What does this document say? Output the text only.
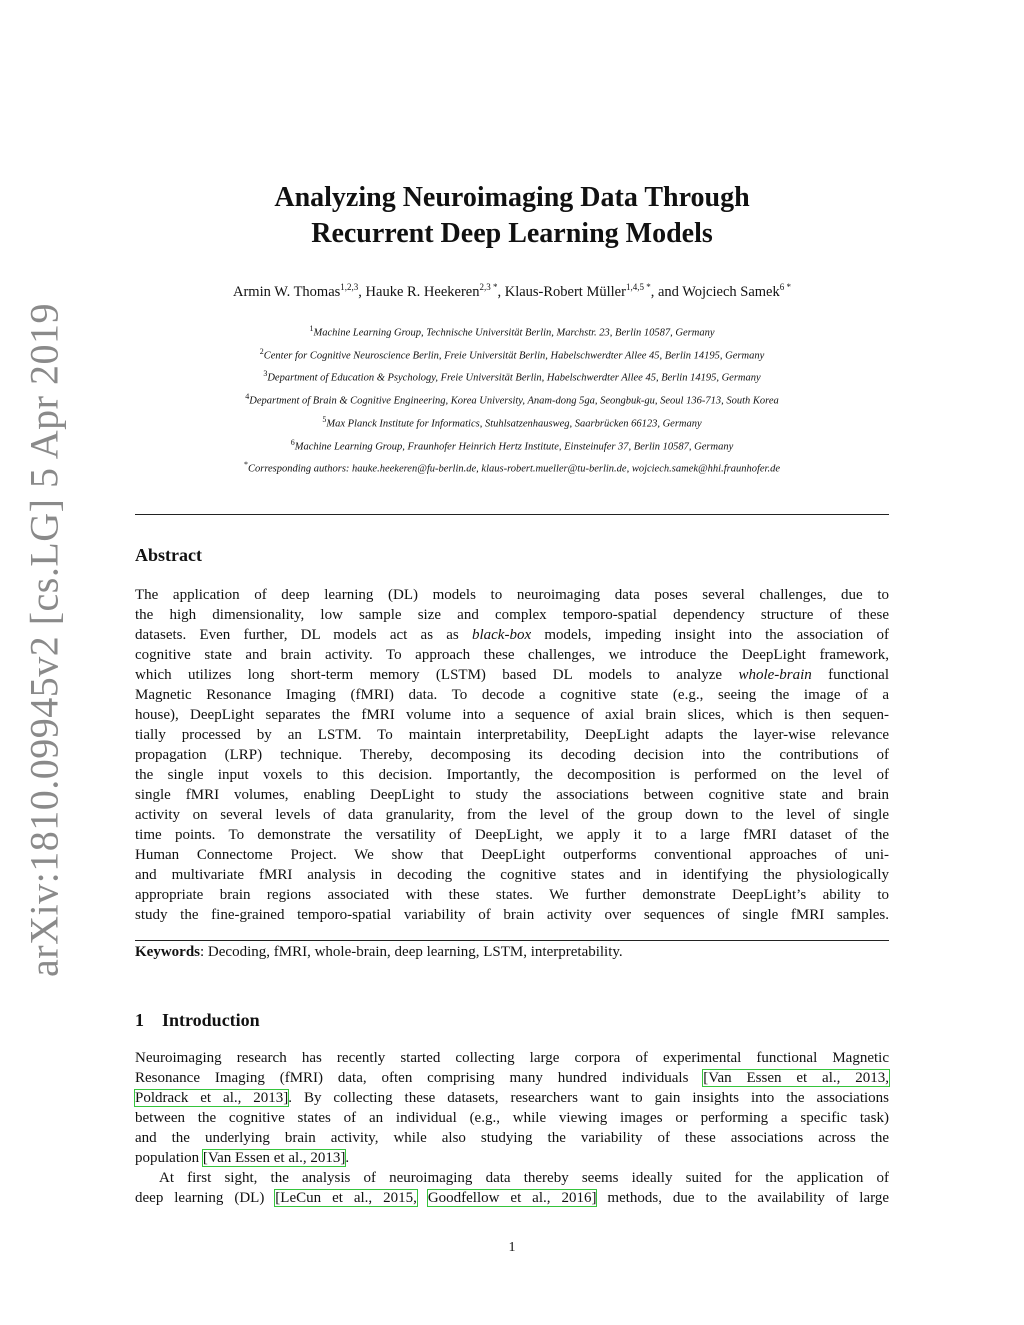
arXiv:1810.09945v2 [cs.LG] 5 Apr 2019
Analyzing Neuroimaging Data Through
Recurrent Deep Learning Models
Armin W. Thomas$^{1,2,3}$, Hauke R. Heekeren$^{2,3 *}$, Klaus-Robert Müller$^{1,4,5 *}$, and Wojciech Samek$^{6 *}$
$^1$Machine Learning Group, Technische Universität Berlin, Marchstr. 23, Berlin 10587, Germany
$^2$Center for Cognitive Neuroscience Berlin, Freie Universität Berlin, Habelschwerdter Allee 45, Berlin 14195, Germany
$^3$Department of Education & Psychology, Freie Universität Berlin, Habelschwerdter Allee 45, Berlin 14195, Germany
$^4$Department of Brain & Cognitive Engineering, Korea University, Anam-dong 5ga, Seongbuk-gu, Seoul 136-713, South Korea
$^5$Max Planck Institute for Informatics, Stuhlsatzenhausweg, Saarbrücken 66123, Germany
$^6$Machine Learning Group, Fraunhofer Heinrich Hertz Institute, Einsteinufer 37, Berlin 10587, Germany
*Corresponding authors: hauke.heekeren@fu-berlin.de, klaus-robert.mueller@tu-berlin.de, wojciech.samek@hhi.fraunhofer.de
Abstract
The application of deep learning (DL) models to neuroimaging data poses several challenges, due to
the high dimensionality, low sample size and complex temporo-spatial dependency structure of these
datasets. Even further, DL models act as as black-box models, impeding insight into the association of
cognitive state and brain activity. To approach these challenges, we introduce the DeepLight framework,
which utilizes long short-term memory (LSTM) based DL models to analyze whole-brain functional
Magnetic Resonance Imaging (fMRI) data. To decode a cognitive state (e.g., seeing the image of a
house), DeepLight separates the fMRI volume into a sequence of axial brain slices, which is then sequen-
tially processed by an LSTM. To maintain interpretability, DeepLight adapts the layer-wise relevance
propagation (LRP) technique. Thereby, decomposing its decoding decision into the contributions of
the single input voxels to this decision. Importantly, the decomposition is performed on the level of
single fMRI volumes, enabling DeepLight to study the associations between cognitive state and brain
activity on several levels of data granularity, from the level of the group down to the level of single
time points. To demonstrate the versatility of DeepLight, we apply it to a large fMRI dataset of the
Human Connectome Project. We show that DeepLight outperforms conventional approaches of uni-
and multivariate fMRI analysis in decoding the cognitive states and in identifying the physiologically
appropriate brain regions associated with these states. We further demonstrate DeepLight’s ability to
study the fine-grained temporo-spatial variability of brain activity over sequences of single fMRI samples.
Keywords: Decoding, fMRI, whole-brain, deep learning, LSTM, interpretability.
1 Introduction
Neuroimaging research has recently started collecting large corpora of experimental functional Magnetic
Resonance Imaging (fMRI) data, often comprising many hundred individuals [Van Essen et al., 2013,
Poldrack et al., 2013]. By collecting these datasets, researchers want to gain insights into the associations
between the cognitive states of an individual (e.g., while viewing images or performing a specific task)
and the underlying brain activity, while also studying the variability of these associations across the
population [Van Essen et al., 2013].
At first sight, the analysis of neuroimaging data thereby seems ideally suited for the application of
deep learning (DL) [LeCun et al., 2015, Goodfellow et al., 2016] methods, due to the availability of large
1
